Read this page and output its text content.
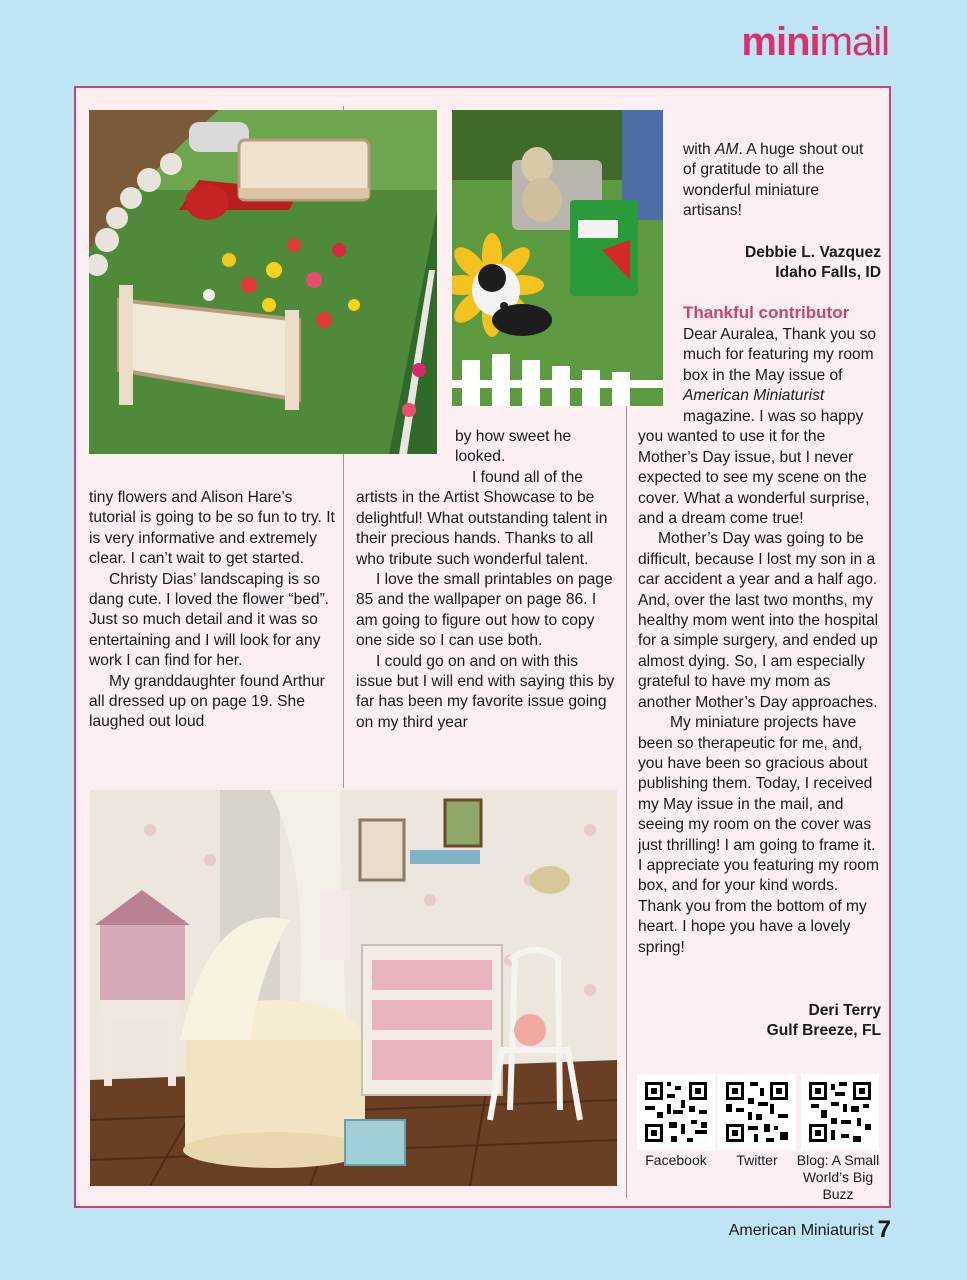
minimail

tiny flowers and Alison Hare’s tutorial is going to be so fun to try. It is very informative and extremely clear. I can’t wait to get started.

Christy Dias’ landscaping is so dang cute. I loved the flower “bed”. Just so much detail and it was so entertaining and I will look for any work I can find for her.

My granddaughter found Arthur all dressed up on page 19. She laughed out loud

by how sweet he looked.

I found all of the artists in the Artist Showcase to be delightful! What outstanding talent in their precious hands. Thanks to all who tribute such wonderful talent.

I love the small printables on page 85 and the wallpaper on page 86. I am going to figure out how to copy one side so I can use both.

I could go on and on with this issue but I will end with saying this by far has been my favorite issue going on my third year

with AM. A huge shout out of gratitude to all the wonderful miniature artisans!

Debbie L. Vazquez
Idaho Falls, ID
Thankful contributor

Dear Auralea, Thank you so much for featuring my room box in the May issue of American Miniaturist

magazine. I was so happy you wanted to use it for the Mother’s Day issue, but I never expected to see my scene on the cover. What a wonderful surprise, and a dream come true!

Mother’s Day was going to be difficult, because I lost my son in a car accident a year and a half ago. And, over the last two months, my healthy mom went into the hospital for a simple surgery, and ended up almost dying. So, I am especially grateful to have my mom as another Mother’s Day approaches.

My miniature projects have been so therapeutic for me, and, you have been so gracious about publishing them. Today, I received my May issue in the mail, and seeing my room on the cover was just thrilling! I am going to frame it. I appreciate you featuring my room box, and for your kind words. Thank you from the bottom of my heart. I hope you have a lovely spring!

Deri Terry
Gulf Breeze, FL
Facebook	Twitter	Blog: A Small World’s Big Buzz
American Miniaturist 7
